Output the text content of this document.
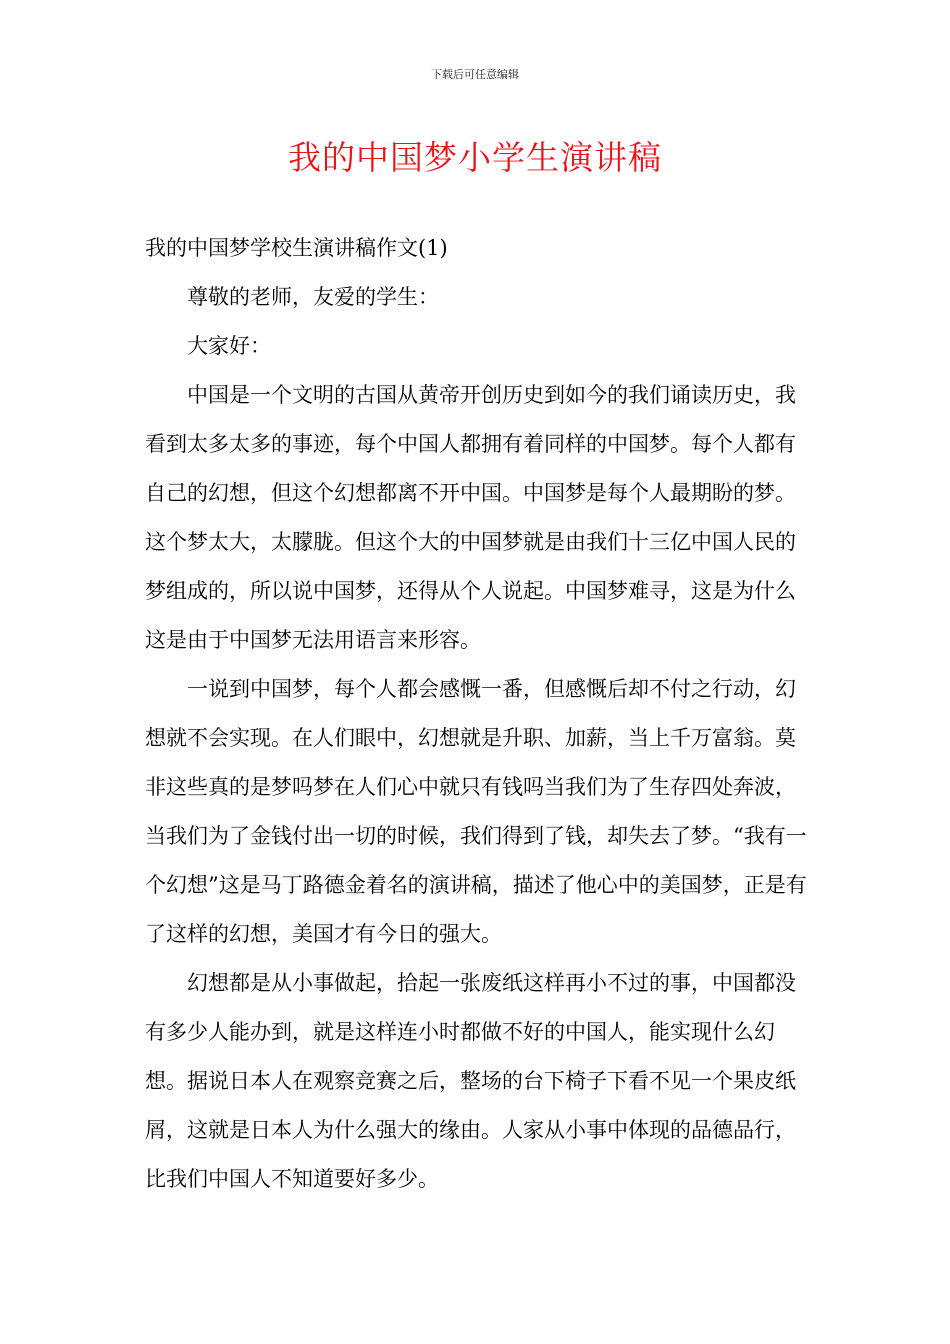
下载后可任意编辑
我的中国梦小学生演讲稿

我的中国梦学校生演讲稿作文(1)

尊敬的老师，友爱的学生：

大家好：

中国是一个文明的古国从黄帝开创历史到如今的我们诵读历史，我看到太多太多的事迹，每个中国人都拥有着同样的中国梦。每个人都有自己的幻想，但这个幻想都离不开中国。中国梦是每个人最期盼的梦。这个梦太大，太朦胧。但这个大的中国梦就是由我们十三亿中国人民的梦组成的，所以说中国梦，还得从个人说起。中国梦难寻，这是为什么这是由于中国梦无法用语言来形容。

一说到中国梦，每个人都会感慨一番，但感慨后却不付之行动，幻想就不会实现。在人们眼中，幻想就是升职、加薪，当上千万富翁。莫非这些真的是梦吗梦在人们心中就只有钱吗当我们为了生存四处奔波，当我们为了金钱付出一切的时候，我们得到了钱，却失去了梦。“我有一个幻想”这是马丁路德金着名的演讲稿，描述了他心中的美国梦，正是有了这样的幻想，美国才有今日的强大。

幻想都是从小事做起，拾起一张废纸这样再小不过的事，中国都没有多少人能办到，就是这样连小时都做不好的中国人，能实现什么幻想。据说日本人在观察竞赛之后，整场的台下椅子下看不见一个果皮纸屑，这就是日本人为什么强大的缘由。人家从小事中体现的品德品行，比我们中国人不知道要好多少。
